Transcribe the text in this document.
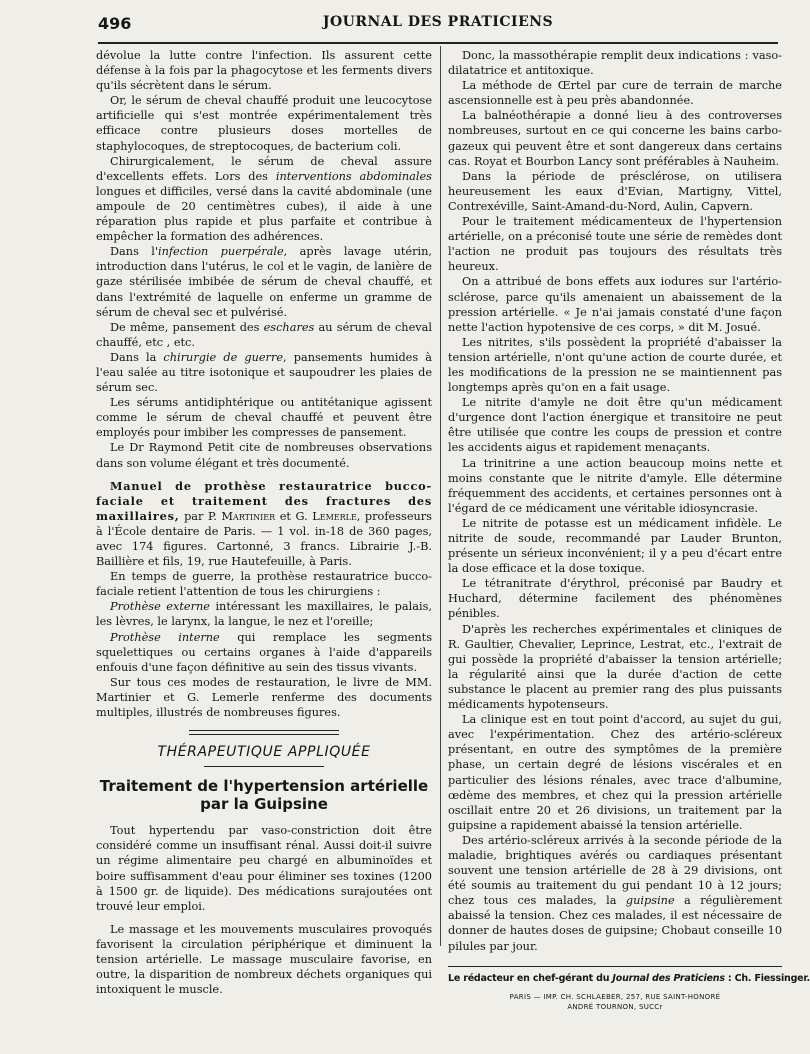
496	JOURNAL DES PRATICIENS

dévolue la lutte contre l'infection. Ils assurent cette défense à la fois par la phagocytose et les ferments divers qu'ils sécrètent dans le sérum.

Or, le sérum de cheval chauffé produit une leucocytose artificielle qui s'est montrée expérimentalement très efficace contre plusieurs doses mortelles de staphylocoques, de streptocoques, de bacterium coli.

Chirurgicalement, le sérum de cheval assure d'excellents effets. Lors des interventions abdominales longues et difficiles, versé dans la cavité abdominale (une ampoule de 20 centimètres cubes), il aide à une réparation plus rapide et plus parfaite et contribue à empêcher la formation des adhérences.

Dans l'infection puerpérale, après lavage utérin, introduction dans l'utérus, le col et le vagin, de lanière de gaze stérilisée imbibée de sérum de cheval chauffé, et dans l'extrémité de laquelle on enferme un gramme de sérum de cheval sec et pulvérisé.

De même, pansement des eschares au sérum de cheval chauffé, etc , etc.

Dans la chirurgie de guerre, pansements humides à l'eau salée au titre isotonique et saupoudrer les plaies de sérum sec.

Les sérums antidiphtérique ou antitétanique agissent comme le sérum de cheval chauffé et peuvent être employés pour imbiber les compresses de pansement.

Le Dr Raymond Petit cite de nombreuses observations dans son volume élégant et très documenté.

Manuel de prothèse restauratrice bucco-faciale et traitement des fractures des maxillaires, par P. Martinier et G. Lemerle, professeurs à l'École dentaire de Paris. — 1 vol. in-18 de 360 pages, avec 174 figures. Cartonné, 3 francs. Librairie J.-B. Baillière et fils, 19, rue Hautefeuille, à Paris.

En temps de guerre, la prothèse restauratrice bucco-faciale retient l'attention de tous les chirurgiens :

Prothèse externe intéressant les maxillaires, le palais, les lèvres, le larynx, la langue, le nez et l'oreille;

Prothèse interne qui remplace les segments squelettiques ou certains organes à l'aide d'appareils enfouis d'une façon définitive au sein des tissus vivants.

Sur tous ces modes de restauration, le livre de MM. Martinier et G. Lemerle renferme des documents multiples, illustrés de nombreuses figures.

THÉRAPEUTIQUE APPLIQUÉE
Traitement de l'hypertension artérielle
par la Guipsine

Tout hypertendu par vaso-constriction doit être considéré comme un insuffisant rénal. Aussi doit-il suivre un régime alimentaire peu chargé en albuminoïdes et boire suffisamment d'eau pour éliminer ses toxines (1200 à 1500 gr. de liquide). Des médications surajoutées ont trouvé leur emploi.

Le massage et les mouvements musculaires provoqués favorisent la circulation périphérique et diminuent la tension artérielle. Le massage musculaire favorise, en outre, la disparition de nombreux déchets organiques qui intoxiquent le muscle.

Donc, la massothérapie remplit deux indications : vaso-dilatatrice et antitoxique.

La méthode de Œrtel par cure de terrain de marche ascensionnelle est à peu près abandonnée.

La balnéothérapie a donné lieu à des controverses nombreuses, surtout en ce qui concerne les bains carbo-gazeux qui peuvent être et sont dangereux dans certains cas. Royat et Bourbon Lancy sont préférables à Nauheim.

Dans la période de présclérose, on utilisera heureusement les eaux d'Evian, Martigny, Vittel, Contrexéville, Saint-Amand-du-Nord, Aulin, Capvern.

Pour le traitement médicamenteux de l'hypertension artérielle, on a préconisé toute une série de remèdes dont l'action ne produit pas toujours des résultats très heureux.

On a attribué de bons effets aux iodures sur l'artério-sclérose, parce qu'ils amenaient un abaissement de la pression artérielle. « Je n'ai jamais constaté d'une façon nette l'action hypotensive de ces corps, » dit M. Josué.

Les nitrites, s'ils possèdent la propriété d'abaisser la tension artérielle, n'ont qu'une action de courte durée, et les modifications de la pression ne se maintiennent pas longtemps après qu'on en a fait usage.

Le nitrite d'amyle ne doit être qu'un médicament d'urgence dont l'action énergique et transitoire ne peut être utilisée que contre les coups de pression et contre les accidents aigus et rapidement menaçants.

La trinitrine a une action beaucoup moins nette et moins constante que le nitrite d'amyle. Elle détermine fréquemment des accidents, et certaines personnes ont à l'égard de ce médicament une véritable idiosyncrasie.

Le nitrite de potasse est un médicament infidèle. Le nitrite de soude, recommandé par Lauder Brunton, présente un sérieux inconvénient; il y a peu d'écart entre la dose efficace et la dose toxique.

Le tétranitrate d'érythrol, préconisé par Baudry et Huchard, détermine facilement des phénomènes pénibles.

D'après les recherches expérimentales et cliniques de R. Gaultier, Chevalier, Leprince, Lestrat, etc., l'extrait de gui possède la propriété d'abaisser la tension artérielle; la régularité ainsi que la durée d'action de cette substance le placent au premier rang des plus puissants médicaments hypotenseurs.

La clinique est en tout point d'accord, au sujet du gui, avec l'expérimentation. Chez des artério-scléreux présentant, en outre des symptômes de la première phase, un certain degré de lésions viscérales et en particulier des lésions rénales, avec trace d'albumine, œdème des membres, et chez qui la pression artérielle oscillait entre 20 et 26 divisions, un traitement par la guipsine a rapidement abaissé la tension artérielle.

Des artério-scléreux arrivés à la seconde période de la maladie, brightiques avérés ou cardiaques présentant souvent une tension artérielle de 28 à 29 divisions, ont été soumis au traitement du gui pendant 10 à 12 jours; chez tous ces malades, la guipsine a régulièrement abaissé la tension. Chez ces malades, il est nécessaire de donner de hautes doses de guipsine; Chobaut conseille 10 pilules par jour.

Le rédacteur en chef-gérant du Journal des Praticiens : Ch. Fiessinger.
PARIS — IMP. CH. SCHLAEBER, 257, RUE SAINT-HONORÉ
ANDRÉ TOURNON, SUCCr
